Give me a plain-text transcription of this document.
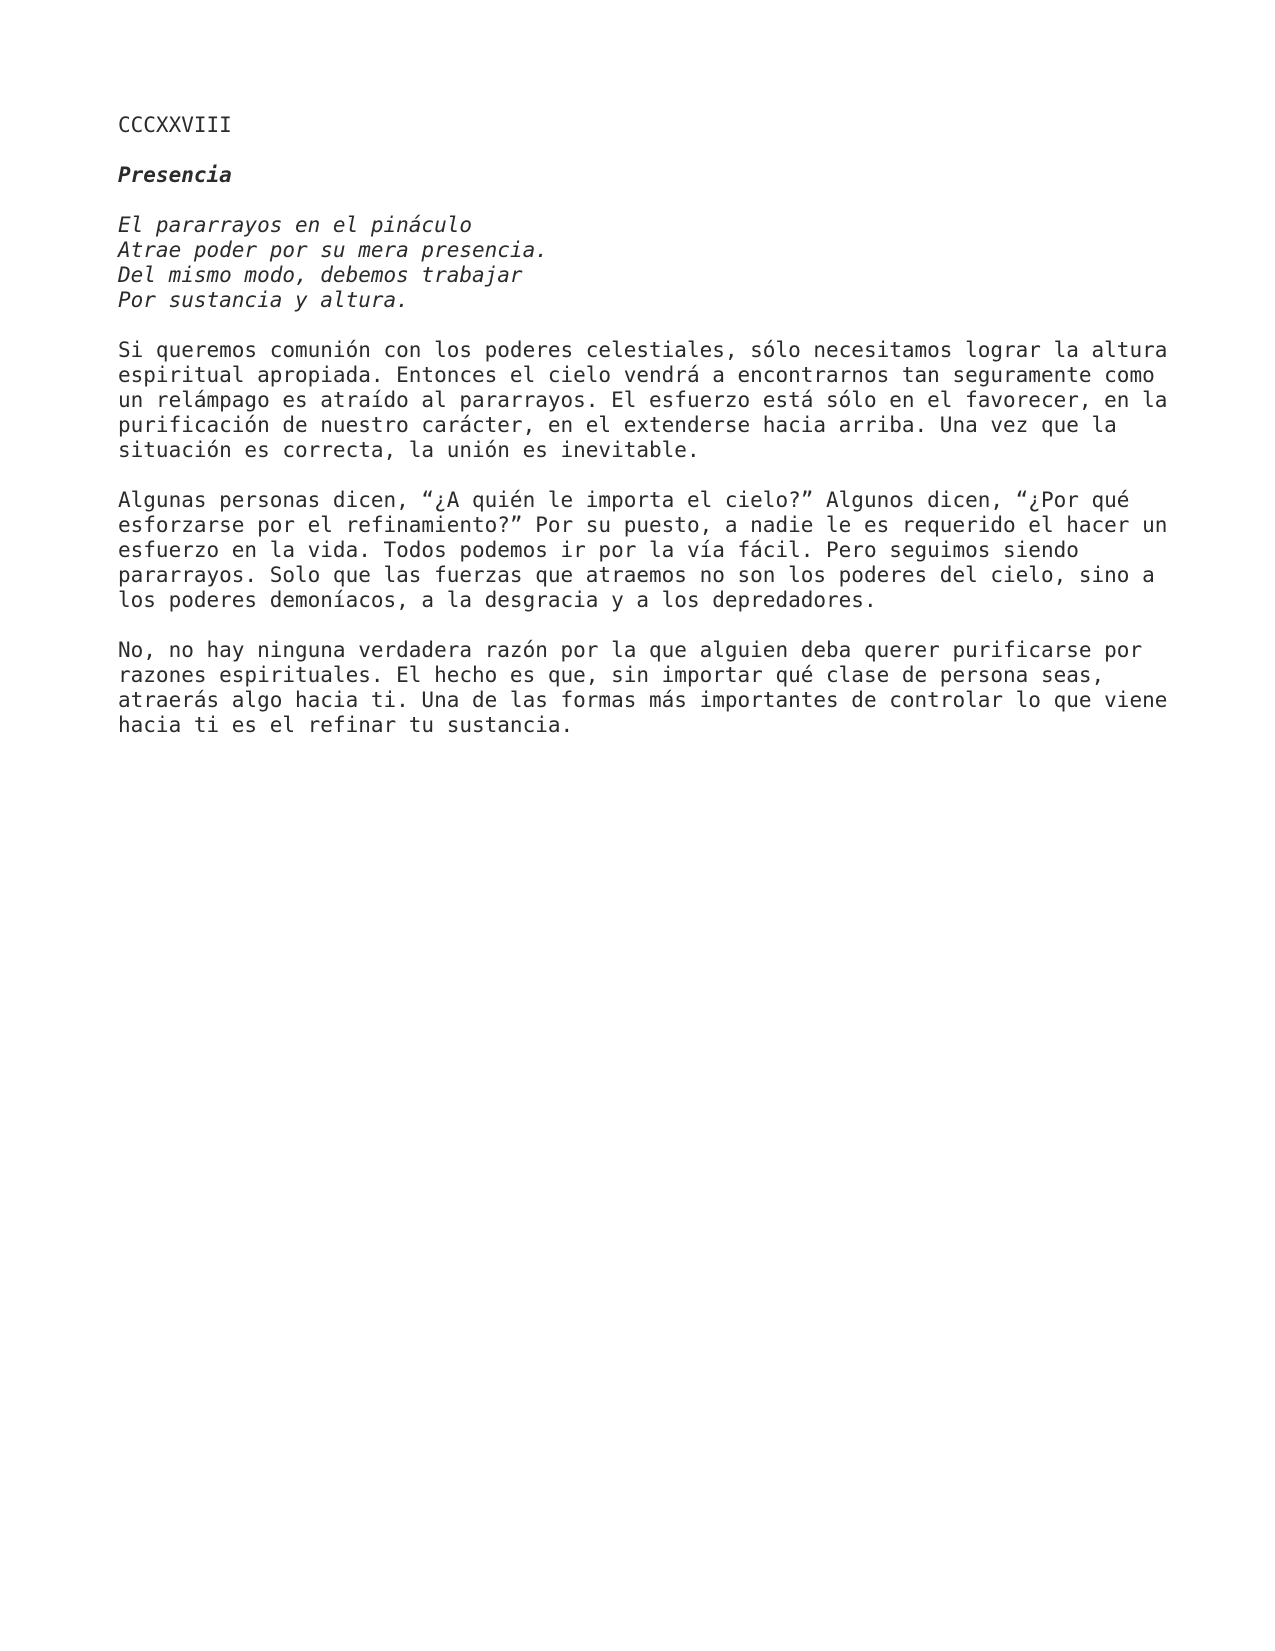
CCCXXVIII
Presencia
El pararrayos en el pináculo
Atrae poder por su mera presencia.
Del mismo modo, debemos trabajar
Por sustancia y altura.
Si queremos comunión con los poderes celestiales, sólo necesitamos lograr la altura
espiritual apropiada. Entonces el cielo vendrá a encontrarnos tan seguramente como
un relámpago es atraído al pararrayos. El esfuerzo está sólo en el favorecer, en la
purificación de nuestro carácter, en el extenderse hacia arriba. Una vez que la
situación es correcta, la unión es inevitable.
Algunas personas dicen, “¿A quién le importa el cielo?” Algunos dicen, “¿Por qué
esforzarse por el refinamiento?” Por su puesto, a nadie le es requerido el hacer un
esfuerzo en la vida. Todos podemos ir por la vía fácil. Pero seguimos siendo
pararrayos. Solo que las fuerzas que atraemos no son los poderes del cielo, sino a
los poderes demoníacos, a la desgracia y a los depredadores.
No, no hay ninguna verdadera razón por la que alguien deba querer purificarse por
razones espirituales. El hecho es que, sin importar qué clase de persona seas,
atraerás algo hacia ti. Una de las formas más importantes de controlar lo que viene
hacia ti es el refinar tu sustancia.
